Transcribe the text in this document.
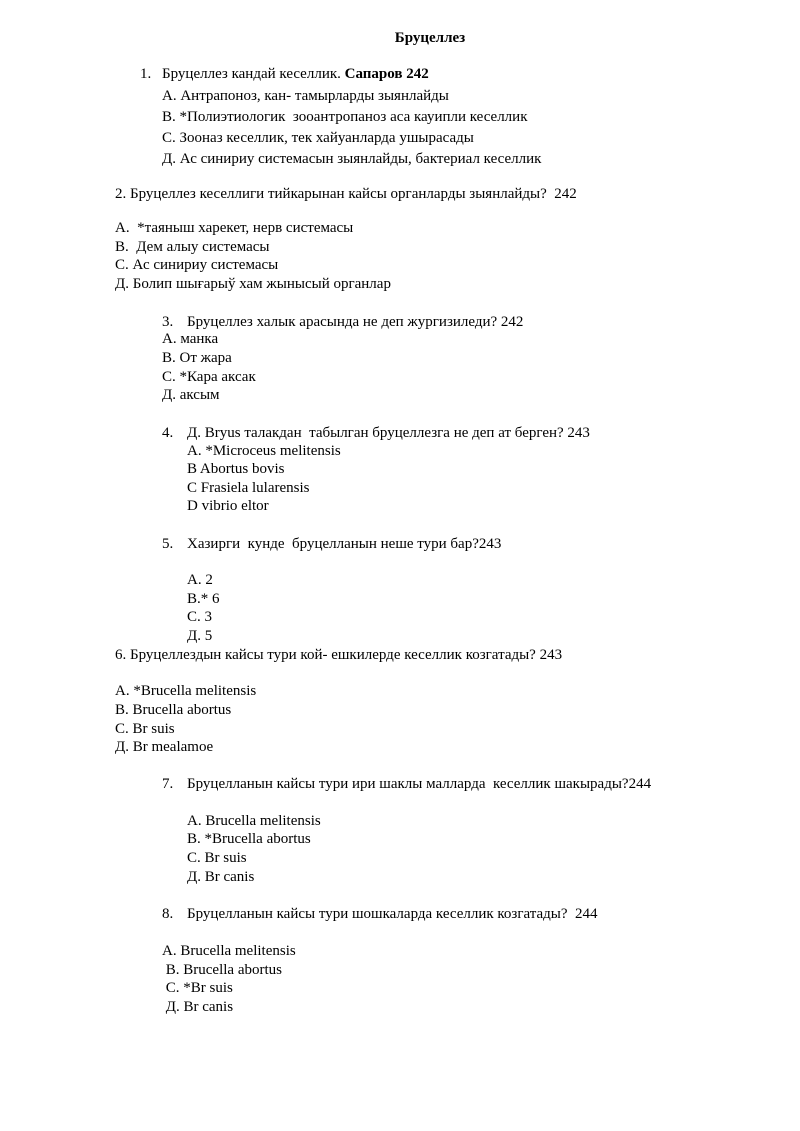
Бруцеллез
1. Бруцеллез кандай кеселлик. Сапаров 242
А. Антрапоноз, кан- тамырларды зыянлайды
В. *Полиэтиологик  зооантропаноз аса кауипли кеселлик
С. Зооназ кеселлик, тек хайуанларда ушырасады
Д. Ас синириу системасын зыянлайды, бактериал кеселлик
2. Бруцеллез кеселлиги тийкарынан кайсы органларды зыянлайды?  242
А.  *таяныш харекет, нерв системасы
В.  Дем алыу системасы
С. Ас синириу системасы
Д. Болип шығарыў хам жынысый органлар
3. Бруцеллез халык арасында не деп жургизиледи? 242
А. манка
В. От жара
С. *Кара аксак
Д. аксым
4. Д. Bryus талакдан  табылган бруцеллезга не деп ат берген? 243
А. *Microceus melitensis
B Abortus bovis
C Frasiela lularensis
D vibrio eltor
5. Хазирги  кунде  бруцелланын неше тури бар?243
А. 2
В.* 6
С. 3
Д. 5
6. Бруцеллездын кайсы тури кой- ешкилерде кеселлик козгатады? 243
А. *Brucella melitensis
В. Brucella abortus
С. Br suis
Д. Br mealamoe
7. Бруцелланын кайсы тури ири шаклы малларда  кеселлик шакырады?244
А. Brucella melitensis
В. *Brucella abortus
С. Br suis
Д. Br canis
8. Бруцелланын кайсы тури шошкаларда кеселлик козгатады?  244
А. Brucella melitensis
В. Brucella abortus
С. *Br suis
Д. Br canis
